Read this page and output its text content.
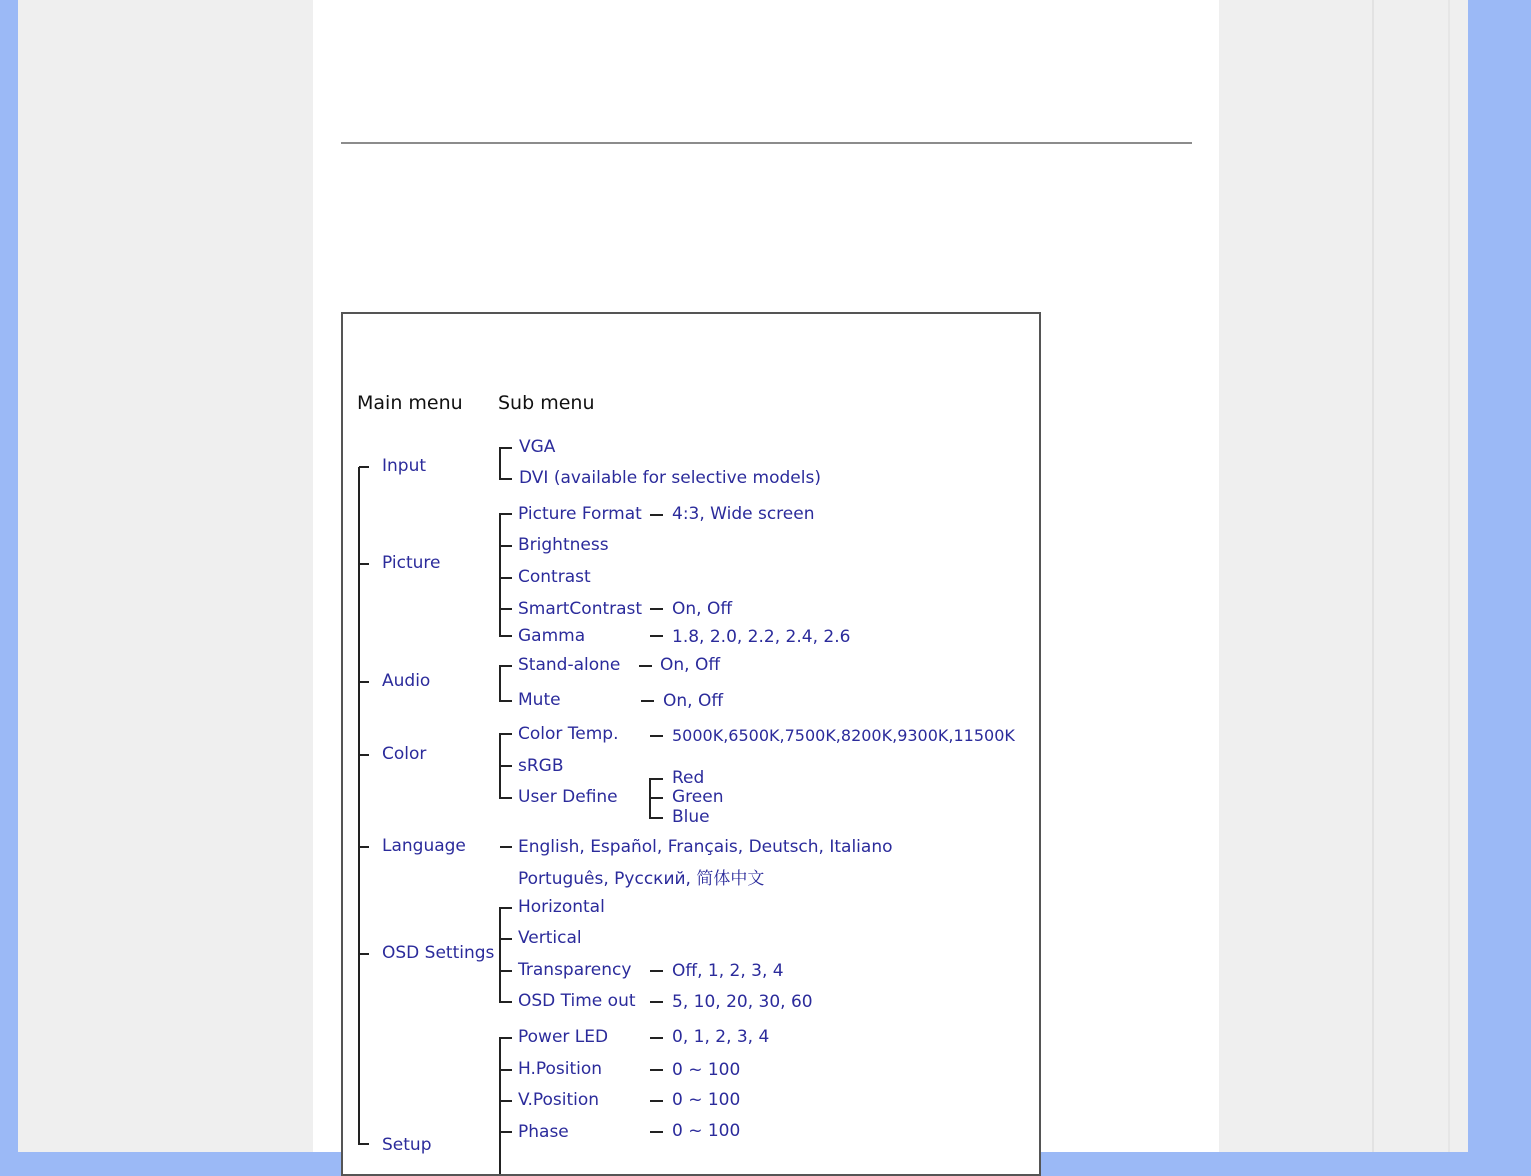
Main menu Sub menu
Input
VGA
DVI (available for selective models)
Picture
Picture Format 4:3, Wide screen
Brightness
Contrast
SmartContrast On, Off
Gamma	1.8, 2.0, 2.2, 2.4, 2.6
Audio
Stand-alone On, Off
Mute	On, Off
Color
Color Temp.	5000K,6500K,7500K,8200K,9300K,11500K
sRGB
User Define
Red
Green
Blue
Language	English, Español, Français, Deutsch, Italiano
Português, Русский, 简体中文
OSD Settings
Horizontal
Vertical
Transparency Off, 1, 2, 3, 4
OSD Time out 5, 10, 20, 30, 60
Setup
Power LED	0, 1, 2, 3, 4
H.Position	0 ~ 100
V.Position	0 ~ 100
Phase	0 ~ 100
